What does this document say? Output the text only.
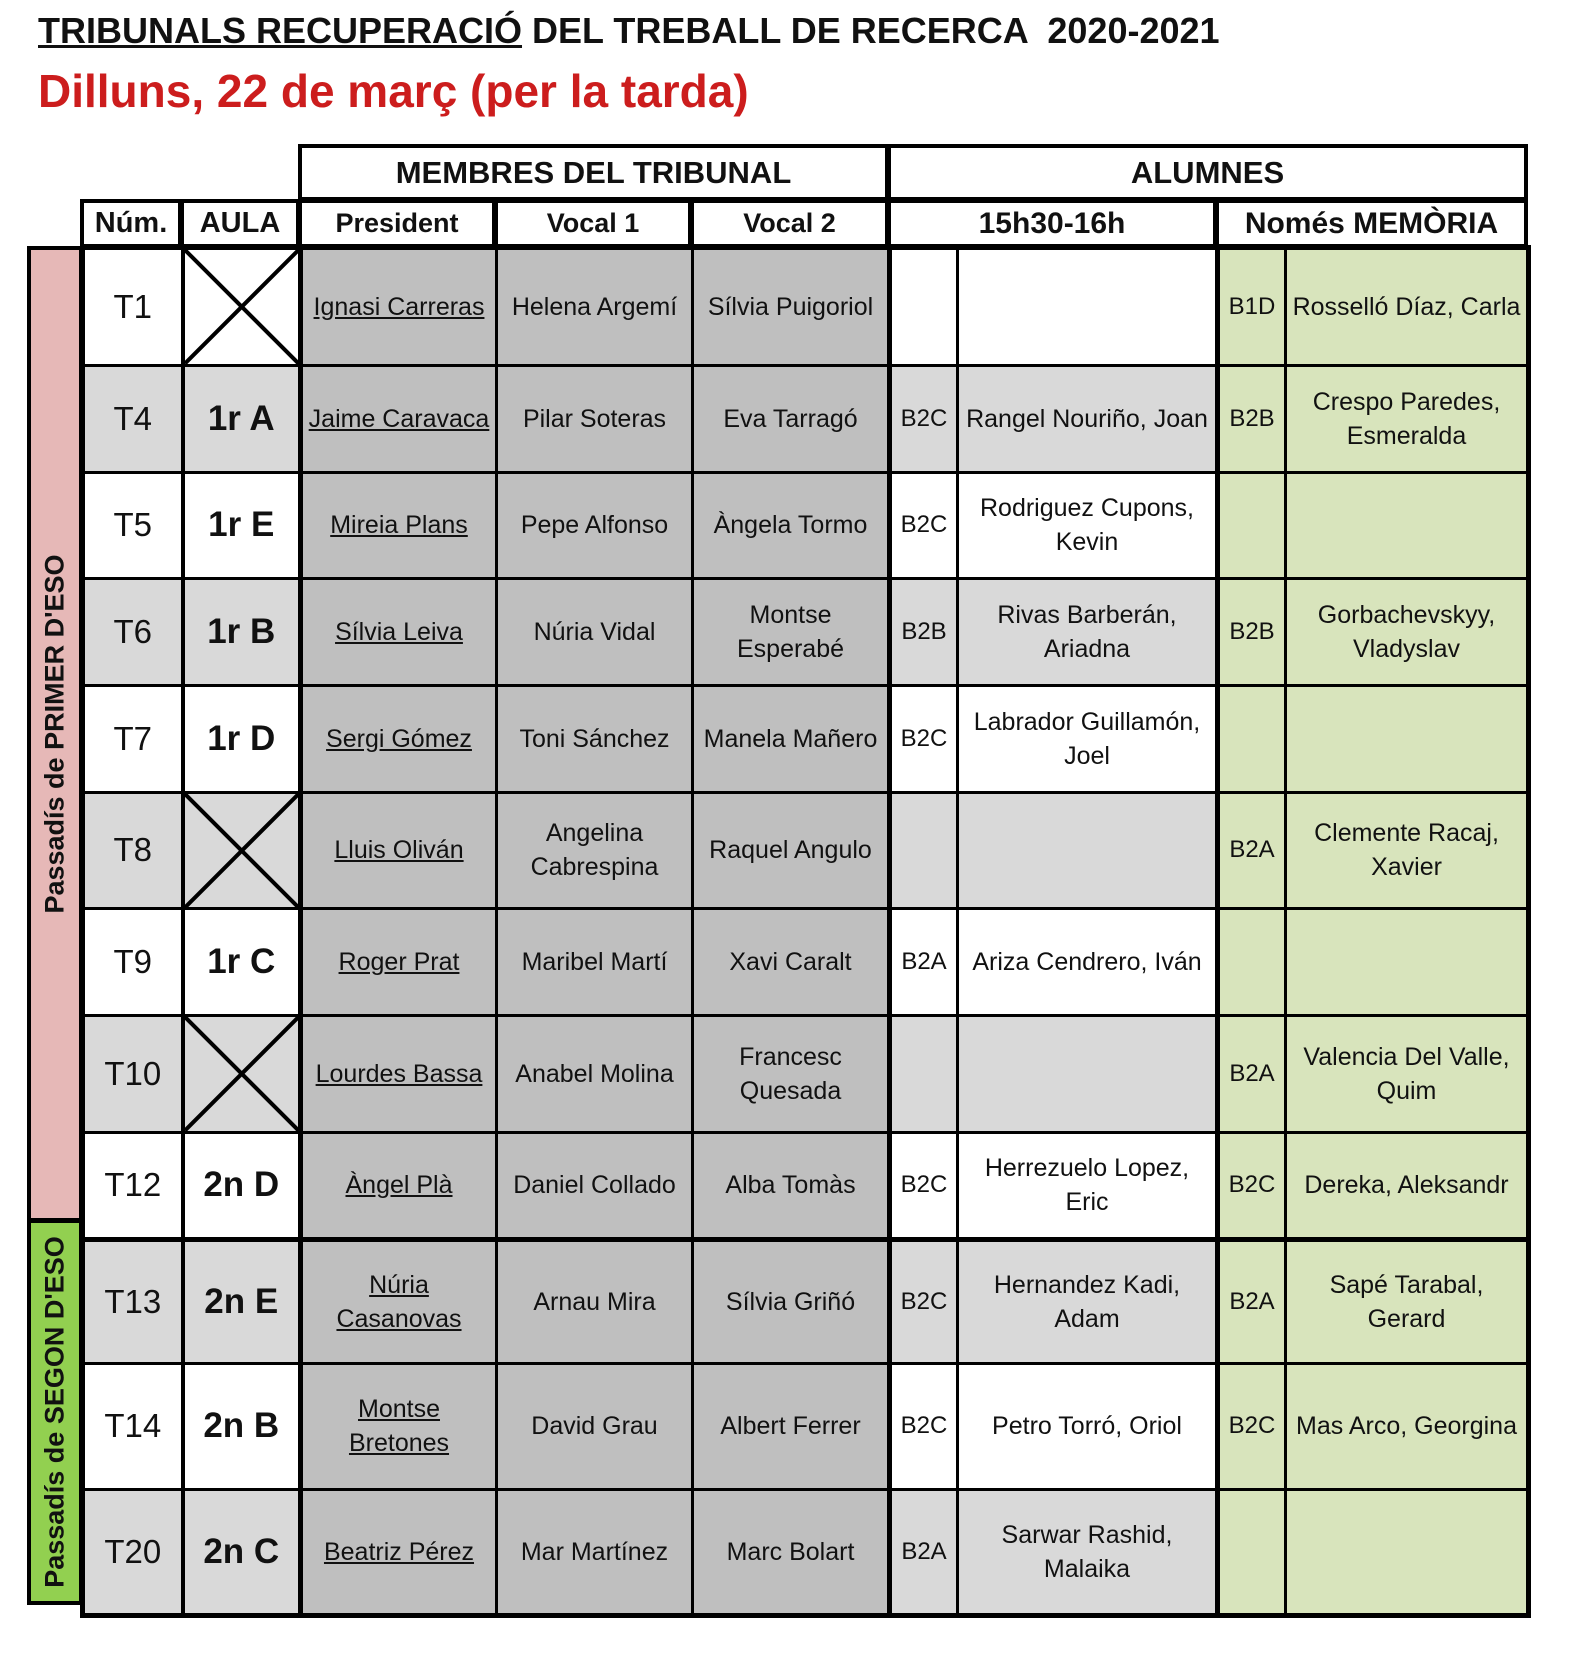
TRIBUNALS RECUPERACIÓ DEL TREBALL DE RECERCA  2020-2021
Dilluns, 22 de març (per la tarda)
MEMBRES DEL TRIBUNAL	ALUMNES
Núm.	AULA	President	Vocal 1	Vocal 2	15h30-16h	Només MEMÒRIA
Passadís de PRIMER D'ESO
Passadís de SEGON D'ESO
T1		Ignasi Carreras	Helena Argemí	Sílvia Puigoriol			B1D	Rosselló Díaz, Carla
T4	1r A	Jaime Caravaca	Pilar Soteras	Eva Tarragó	B2C	Rangel Nouriño, Joan	B2B	Crespo Paredes, Esmeralda
T5	1r E	Mireia Plans	Pepe Alfonso	Àngela Tormo	B2C	Rodriguez Cupons, Kevin		
T6	1r B	Sílvia Leiva	Núria Vidal	Montse Esperabé	B2B	Rivas Barberán, Ariadna	B2B	Gorbachevskyy, Vladyslav
T7	1r D	Sergi Gómez	Toni Sánchez	Manela Mañero	B2C	Labrador Guillamón, Joel		
T8		Lluis Oliván	Angelina Cabrespina	Raquel Angulo			B2A	Clemente Racaj, Xavier
T9	1r C	Roger Prat	Maribel Martí	Xavi Caralt	B2A	Ariza Cendrero, Iván		
T10		Lourdes Bassa	Anabel Molina	Francesc Quesada			B2A	Valencia Del Valle, Quim
T12	2n D	Àngel Plà	Daniel Collado	Alba Tomàs	B2C	Herrezuelo Lopez, Eric	B2C	Dereka, Aleksandr
T13	2n E	Núria Casanovas	Arnau Mira	Sílvia Griñó	B2C	Hernandez Kadi, Adam	B2A	Sapé Tarabal, Gerard
T14	2n B	Montse Bretones	David Grau	Albert Ferrer	B2C	Petro Torró, Oriol	B2C	Mas Arco, Georgina
T20	2n C	Beatriz Pérez	Mar Martínez	Marc Bolart	B2A	Sarwar Rashid, Malaika		
